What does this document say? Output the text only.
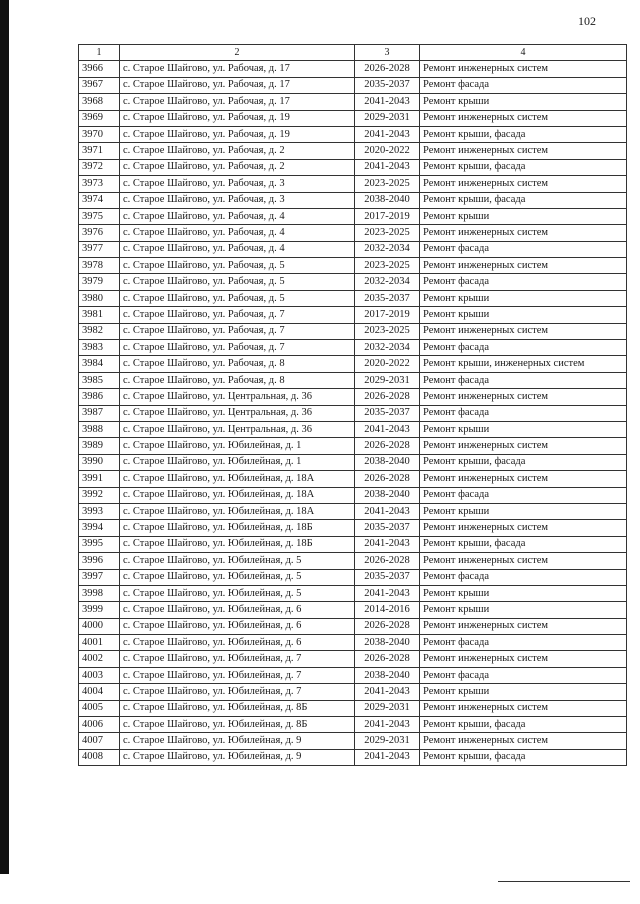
102
1	2	3	4
3966	с. Старое Шайгово, ул. Рабочая, д. 17	2026-2028	Ремонт инженерных систем
3967	с. Старое Шайгово, ул. Рабочая, д. 17	2035-2037	Ремонт фасада
3968	с. Старое Шайгово, ул. Рабочая, д. 17	2041-2043	Ремонт крыши
3969	с. Старое Шайгово, ул. Рабочая, д. 19	2029-2031	Ремонт инженерных систем
3970	с. Старое Шайгово, ул. Рабочая, д. 19	2041-2043	Ремонт крыши, фасада
3971	с. Старое Шайгово, ул. Рабочая, д. 2	2020-2022	Ремонт инженерных систем
3972	с. Старое Шайгово, ул. Рабочая, д. 2	2041-2043	Ремонт крыши, фасада
3973	с. Старое Шайгово, ул. Рабочая, д. 3	2023-2025	Ремонт инженерных систем
3974	с. Старое Шайгово, ул. Рабочая, д. 3	2038-2040	Ремонт крыши, фасада
3975	с. Старое Шайгово, ул. Рабочая, д. 4	2017-2019	Ремонт крыши
3976	с. Старое Шайгово, ул. Рабочая, д. 4	2023-2025	Ремонт инженерных систем
3977	с. Старое Шайгово, ул. Рабочая, д. 4	2032-2034	Ремонт фасада
3978	с. Старое Шайгово, ул. Рабочая, д. 5	2023-2025	Ремонт инженерных систем
3979	с. Старое Шайгово, ул. Рабочая, д. 5	2032-2034	Ремонт фасада
3980	с. Старое Шайгово, ул. Рабочая, д. 5	2035-2037	Ремонт крыши
3981	с. Старое Шайгово, ул. Рабочая, д. 7	2017-2019	Ремонт крыши
3982	с. Старое Шайгово, ул. Рабочая, д. 7	2023-2025	Ремонт инженерных систем
3983	с. Старое Шайгово, ул. Рабочая, д. 7	2032-2034	Ремонт фасада
3984	с. Старое Шайгово, ул. Рабочая, д. 8	2020-2022	Ремонт крыши, инженерных систем
3985	с. Старое Шайгово, ул. Рабочая, д. 8	2029-2031	Ремонт фасада
3986	с. Старое Шайгово, ул. Центральная, д. 36	2026-2028	Ремонт инженерных систем
3987	с. Старое Шайгово, ул. Центральная, д. 36	2035-2037	Ремонт фасада
3988	с. Старое Шайгово, ул. Центральная, д. 36	2041-2043	Ремонт крыши
3989	с. Старое Шайгово, ул. Юбилейная, д. 1	2026-2028	Ремонт инженерных систем
3990	с. Старое Шайгово, ул. Юбилейная, д. 1	2038-2040	Ремонт крыши, фасада
3991	с. Старое Шайгово, ул. Юбилейная, д. 18А	2026-2028	Ремонт инженерных систем
3992	с. Старое Шайгово, ул. Юбилейная, д. 18А	2038-2040	Ремонт фасада
3993	с. Старое Шайгово, ул. Юбилейная, д. 18А	2041-2043	Ремонт крыши
3994	с. Старое Шайгово, ул. Юбилейная, д. 18Б	2035-2037	Ремонт инженерных систем
3995	с. Старое Шайгово, ул. Юбилейная, д. 18Б	2041-2043	Ремонт крыши, фасада
3996	с. Старое Шайгово, ул. Юбилейная, д. 5	2026-2028	Ремонт инженерных систем
3997	с. Старое Шайгово, ул. Юбилейная, д. 5	2035-2037	Ремонт фасада
3998	с. Старое Шайгово, ул. Юбилейная, д. 5	2041-2043	Ремонт крыши
3999	с. Старое Шайгово, ул. Юбилейная, д. 6	2014-2016	Ремонт крыши
4000	с. Старое Шайгово, ул. Юбилейная, д. 6	2026-2028	Ремонт инженерных систем
4001	с. Старое Шайгово, ул. Юбилейная, д. 6	2038-2040	Ремонт фасада
4002	с. Старое Шайгово, ул. Юбилейная, д. 7	2026-2028	Ремонт инженерных систем
4003	с. Старое Шайгово, ул. Юбилейная, д. 7	2038-2040	Ремонт фасада
4004	с. Старое Шайгово, ул. Юбилейная, д. 7	2041-2043	Ремонт крыши
4005	с. Старое Шайгово, ул. Юбилейная, д. 8Б	2029-2031	Ремонт инженерных систем
4006	с. Старое Шайгово, ул. Юбилейная, д. 8Б	2041-2043	Ремонт крыши, фасада
4007	с. Старое Шайгово, ул. Юбилейная, д. 9	2029-2031	Ремонт инженерных систем
4008	с. Старое Шайгово, ул. Юбилейная, д. 9	2041-2043	Ремонт крыши, фасада
